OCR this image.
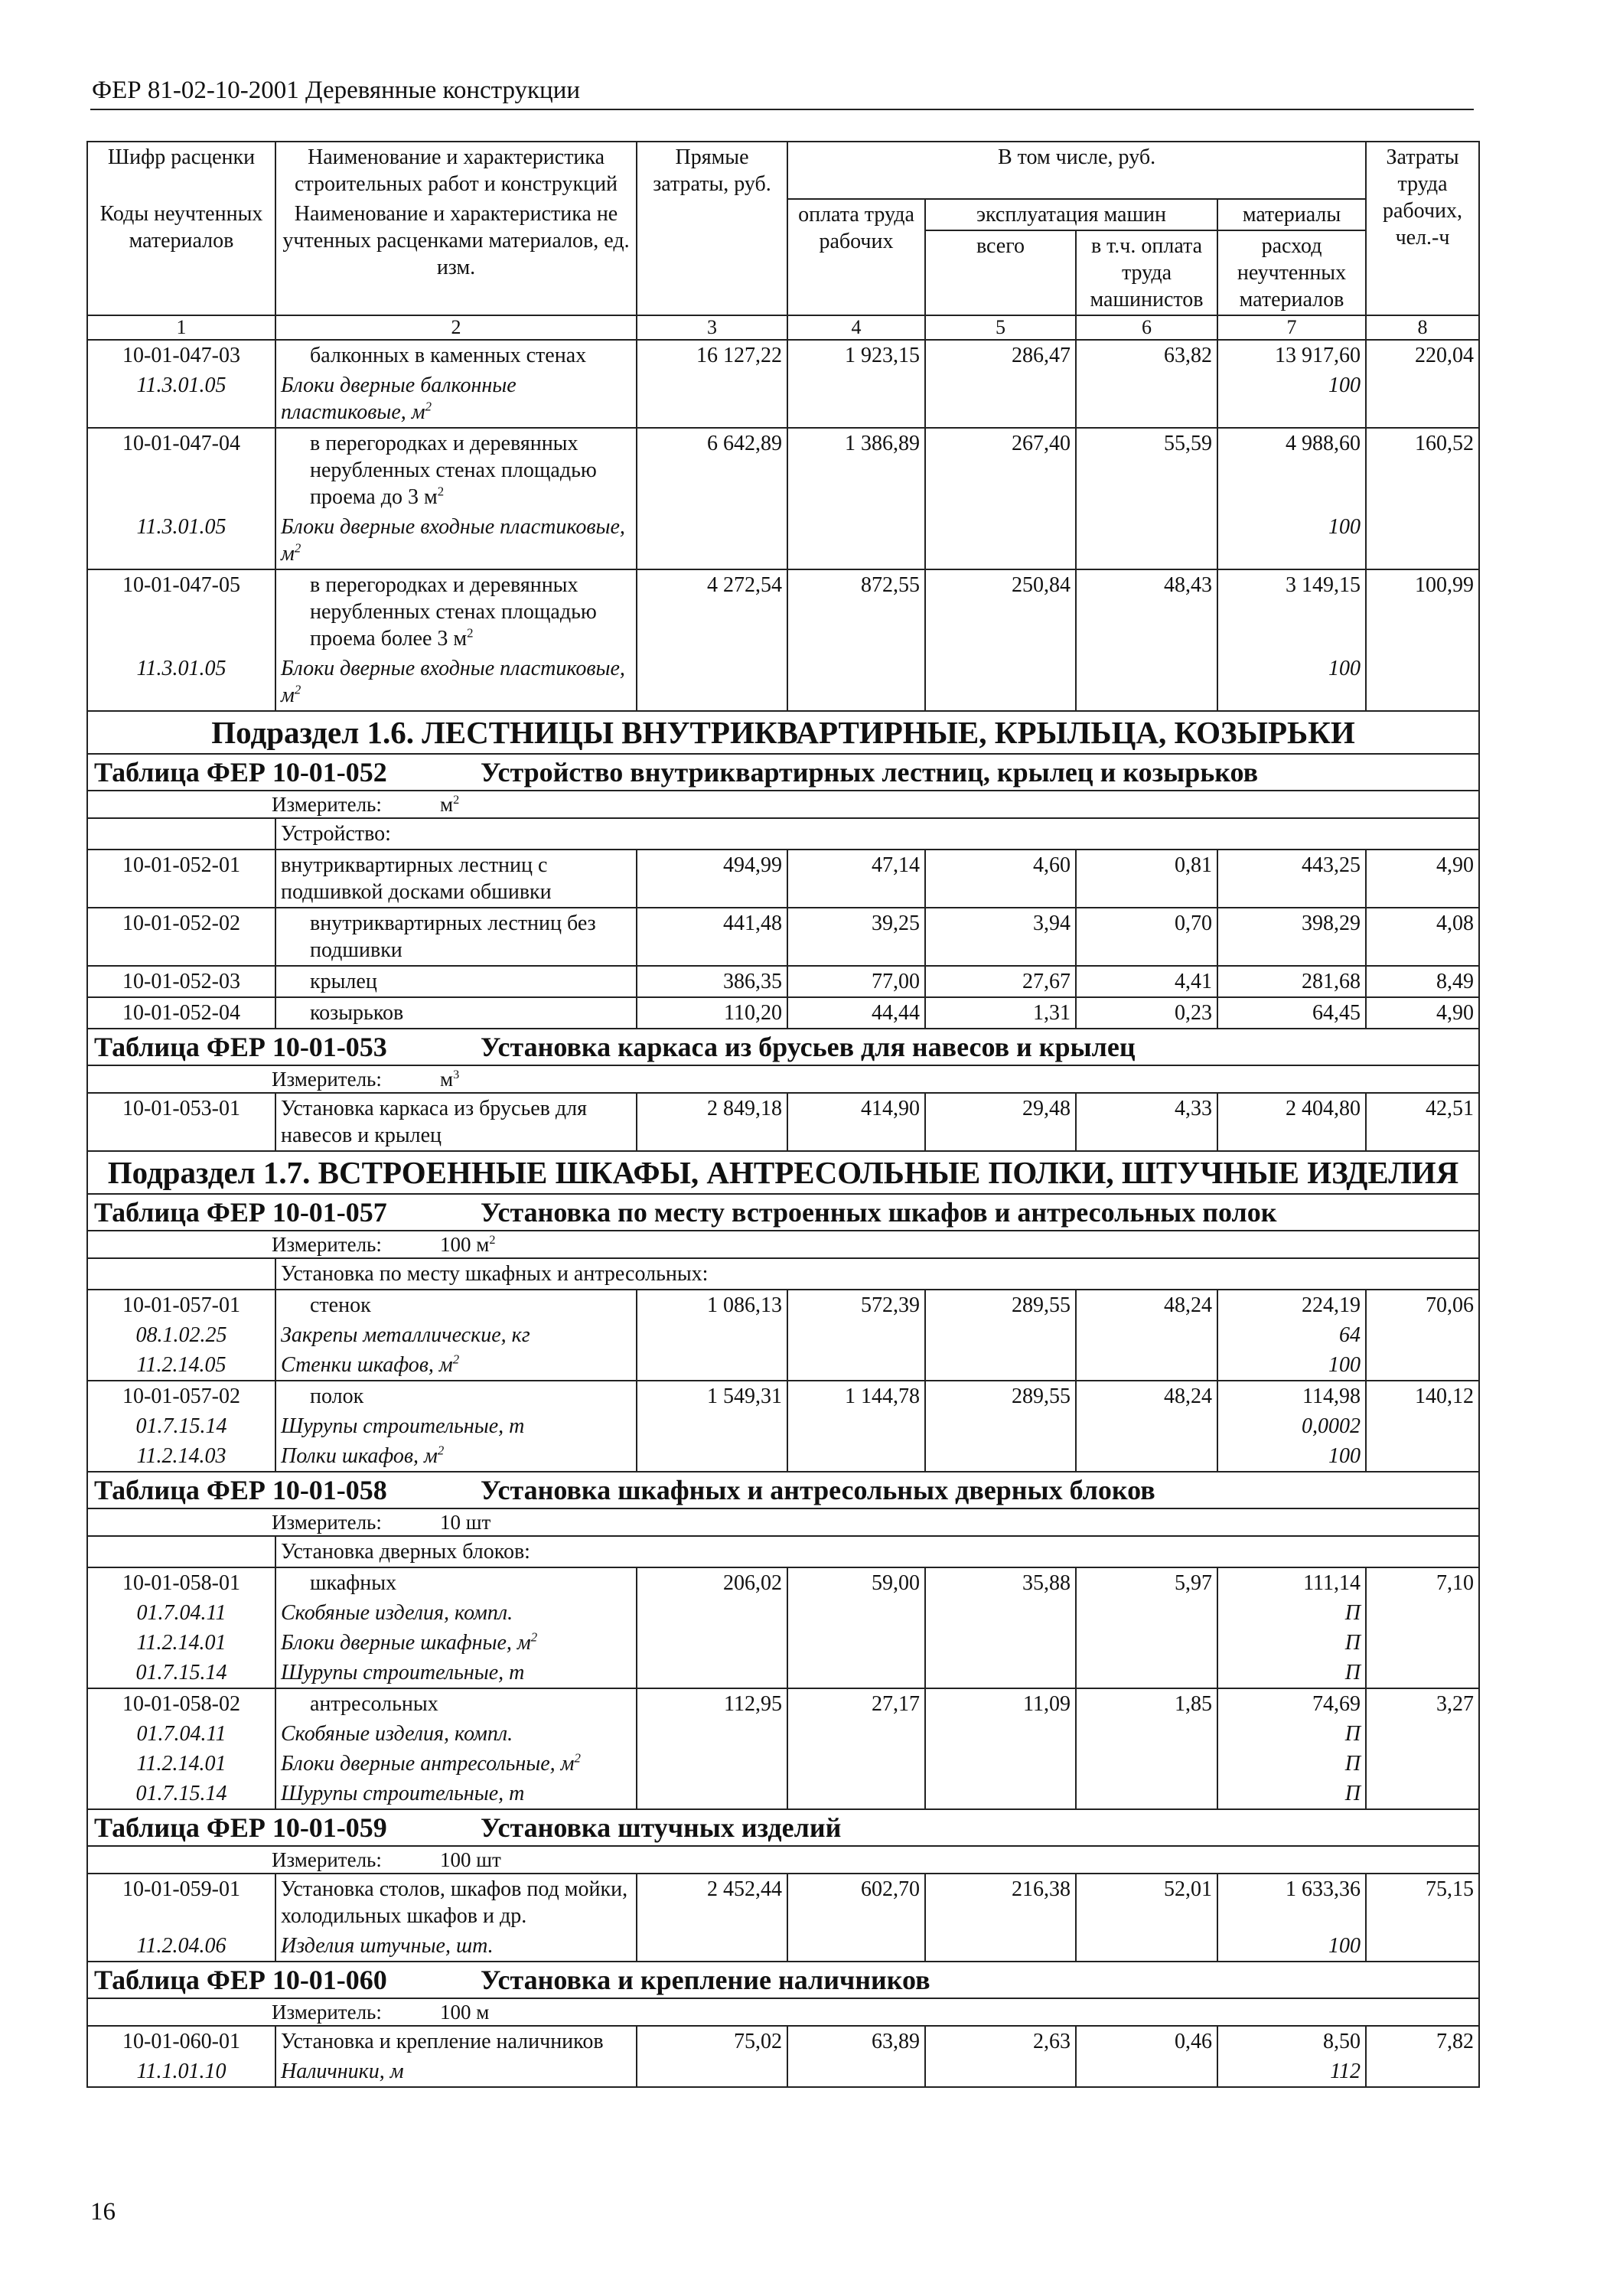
ФЕР 81-02-10-2001 Деревянные конструкции
Шифр расценки	Наименование и характеристика строительных работ и конструкций	Прямые затраты, руб.	В том числе, руб.				Затраты труда рабочих, чел.-ч
Коды неучтенных материалов	Наименование и характеристика не учтенных расценками материалов, ед. изм.		оплата труда рабочих	эксплуатация машин		материалы	
				всего	в т.ч. оплата труда машинистов	расход неучтенных материалов	
1	2	3	4	5	6	7	8
10-01-047-03	балконных в каменных стенах	16 127,22	1 923,15	286,47	63,82	13 917,60	220,04
11.3.01.05	Блоки дверные балконные пластиковые, $м^2$					100	
10-01-047-04	в перегородках и деревянных нерубленных стенах площадью проема до 3 $м^2$	6 642,89	1 386,89	267,40	55,59	4 988,60	160,52
11.3.01.05	Блоки дверные входные пластиковые, $м^2$					100	
10-01-047-05	в перегородках и деревянных нерубленных стенах площадью проема более 3 $м^2$	4 272,54	872,55	250,84	48,43	3 149,15	100,99
11.3.01.05	Блоки дверные входные пластиковые, $м^2$					100	
Подраздел 1.6. ЛЕСТНИЦЫ ВНУТРИКВАРТИРНЫЕ, КРЫЛЬЦА, КОЗЫРЬКИ							
Таблица ФЕР 10-01-052 Устройство внутриквартирных лестниц, крылец и козырьков							
Измеритель: $м^2$
	Устройство:						
10-01-052-01	внутриквартирных лестниц с подшивкой досками обшивки	494,99	47,14	4,60	0,81	443,25	4,90
10-01-052-02	внутриквартирных лестниц без подшивки	441,48	39,25	3,94	0,70	398,29	4,08
10-01-052-03	крылец	386,35	77,00	27,67	4,41	281,68	8,49
10-01-052-04	козырьков	110,20	44,44	1,31	0,23	64,45	4,90
Таблица ФЕР 10-01-053 Установка каркаса из брусьев для навесов и крылец							
Измеритель: $м^3$
10-01-053-01	Установка каркаса из брусьев для навесов и крылец	2 849,18	414,90	29,48	4,33	2 404,80	42,51
Подраздел 1.7. ВСТРОЕННЫЕ ШКАФЫ, АНТРЕСОЛЬНЫЕ ПОЛКИ, ШТУЧНЫЕ ИЗДЕЛИЯ							
Таблица ФЕР 10-01-057 Установка по месту встроенных шкафов и антресольных полок							
Измеритель: 100 $м^2$
	Установка по месту шкафных и антресольных:						
10-01-057-01	стенок	1 086,13	572,39	289,55	48,24	224,19	70,06
08.1.02.25	Закрепы металлические, кг					64	
11.2.14.05	Стенки шкафов, $м^2$					100	
10-01-057-02	полок	1 549,31	1 144,78	289,55	48,24	114,98	140,12
01.7.15.14	Шурупы строительные, т					0,0002	
11.2.14.03	Полки шкафов, $м^2$					100	
Таблица ФЕР 10-01-058 Установка шкафных и антресольных дверных блоков							
Измеритель: 10 шт							
	Установка дверных блоков:						
10-01-058-01	шкафных	206,02	59,00	35,88	5,97	111,14	7,10
01.7.04.11	Скобяные изделия, компл.					П	
11.2.14.01	Блоки дверные шкафные, $м^2$					П	
01.7.15.14	Шурупы строительные, т					П	
10-01-058-02	антресольных	112,95	27,17	11,09	1,85	74,69	3,27
01.7.04.11	Скобяные изделия, компл.					П	
11.2.14.01	Блоки дверные антресольные, $м^2$					П	
01.7.15.14	Шурупы строительные, т					П	
Таблица ФЕР 10-01-059 Установка штучных изделий							
Измеритель: 100 шт							
10-01-059-01	Установка столов, шкафов под мойки, холодильных шкафов и др.	2 452,44	602,70	216,38	52,01	1 633,36	75,15
11.2.04.06	Изделия штучные, шт.					100	
Таблица ФЕР 10-01-060 Установка и крепление наличников							
Измеритель: 100 м							
10-01-060-01	Установка и крепление наличников	75,02	63,89	2,63	0,46	8,50	7,82
11.1.01.10	Наличники, м					112	
16
